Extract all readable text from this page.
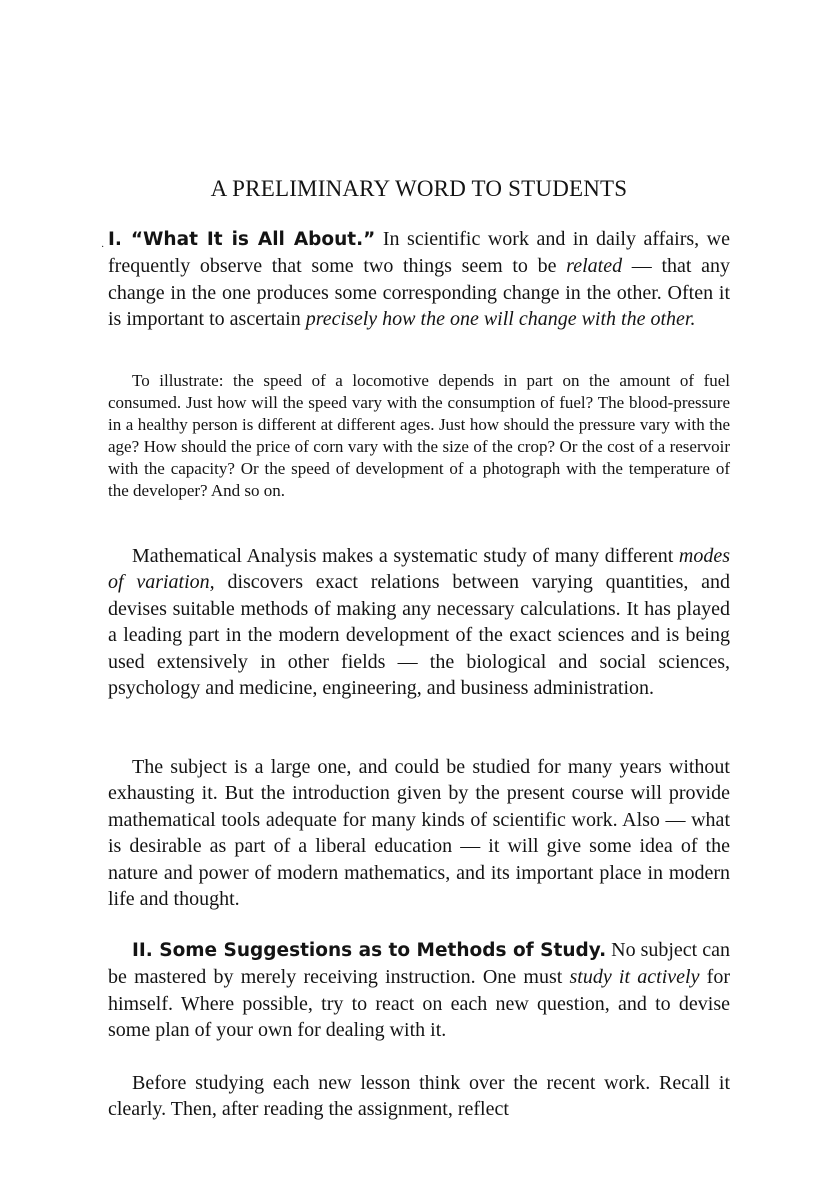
A PRELIMINARY WORD TO STUDENTS

· I. “What It is All About.” In scientific work and in daily affairs, we frequently observe that some two things seem to be related — that any change in the one produces some corresponding change in the other. Often it is important to ascertain precisely how the one will change with the other.

To illustrate: the speed of a locomotive depends in part on the amount of fuel consumed. Just how will the speed vary with the consumption of fuel? The blood-pressure in a healthy person is different at different ages. Just how should the pressure vary with the age? How should the price of corn vary with the size of the crop? Or the cost of a reservoir with the capacity? Or the speed of development of a photograph with the temperature of the developer? And so on.

Mathematical Analysis makes a systematic study of many different modes of variation, discovers exact relations between varying quantities, and devises suitable methods of making any necessary calculations. It has played a leading part in the modern development of the exact sciences and is being used extensively in other fields — the biological and social sciences, psychology and medicine, engineering, and business administration.

The subject is a large one, and could be studied for many years without exhausting it. But the introduction given by the present course will provide mathematical tools adequate for many kinds of scientific work. Also — what is desirable as part of a liberal education — it will give some idea of the nature and power of modern mathematics, and its important place in modern life and thought.

II. Some Suggestions as to Methods of Study. No subject can be mastered by merely receiving instruction. One must study it actively for himself. Where possible, try to react on each new question, and to devise some plan of your own for dealing with it.

Before studying each new lesson think over the recent work. Recall it clearly. Then, after reading the assignment, reflect
